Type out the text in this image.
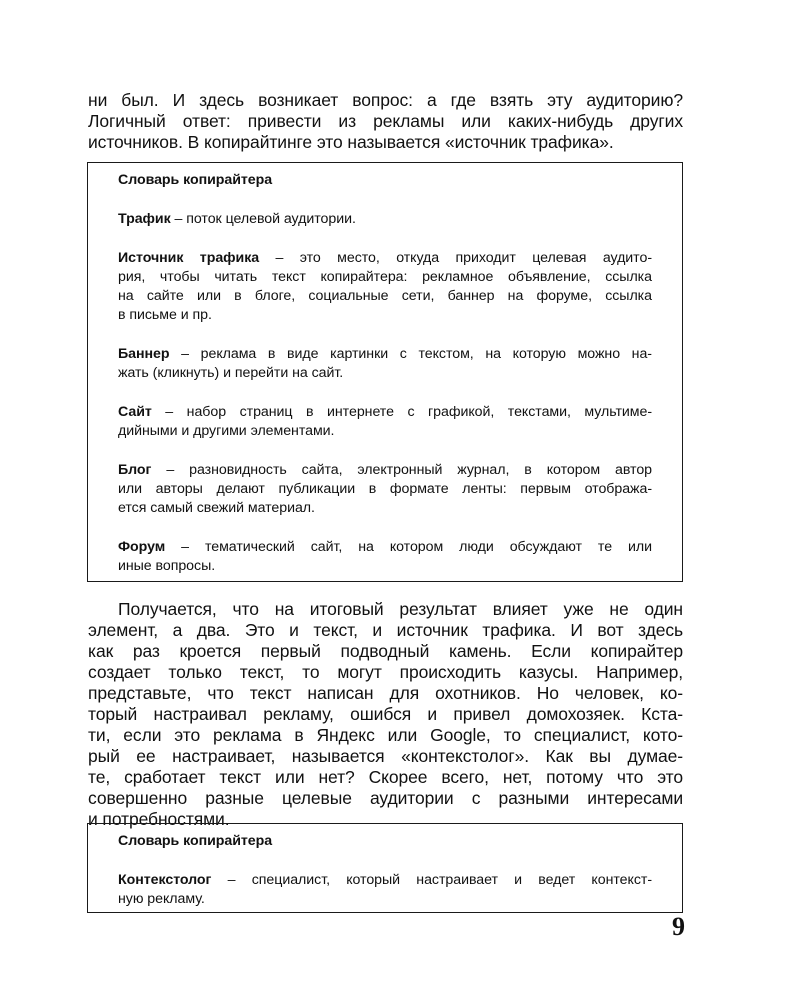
ни был. И здесь возникает вопрос: а где взять эту аудиторию?
Логичный ответ: привести из рекламы или каких-нибудь других
источников. В копирайтинге это называется «источник трафика».
Словарь копирайтера
Трафик – поток целевой аудитории.
Источник трафика – это место, откуда приходит целевая аудито-
рия, чтобы читать текст копирайтера: рекламное объявление, ссылка
на сайте или в блоге, социальные сети, баннер на форуме, ссылка
в письме и пр.
Баннер – реклама в виде картинки с текстом, на которую можно на-
жать (кликнуть) и перейти на сайт.
Сайт – набор страниц в интернете с графикой, текстами, мультиме-
дийными и другими элементами.
Блог – разновидность сайта, электронный журнал, в котором автор
или авторы делают публикации в формате ленты: первым отобража-
ется самый свежий материал.
Форум – тематический сайт, на котором люди обсуждают те или
иные вопросы.
Получается, что на итоговый результат влияет уже не один
элемент, а два. Это и текст, и источник трафика. И вот здесь
как раз кроется первый подводный камень. Если копирайтер
создает только текст, то могут происходить казусы. Например,
представьте, что текст написан для охотников. Но человек, ко-
торый настраивал рекламу, ошибся и привел домохозяек. Кста-
ти, если это реклама в Яндекс или Google, то специалист, кото-
рый ее настраивает, называется «контекстолог». Как вы думае-
те, сработает текст или нет? Скорее всего, нет, потому что это
совершенно разные целевые аудитории с разными интересами
и потребностями.
Словарь копирайтера
Контекстолог – специалист, который настраивает и ведет контекст-
ную рекламу.
9
